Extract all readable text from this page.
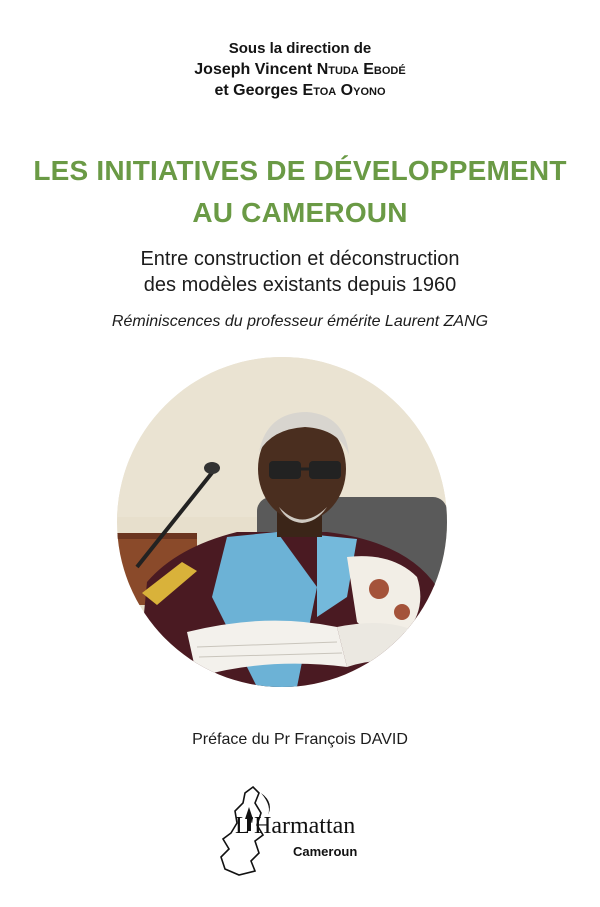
Sous la direction de
Joseph Vincent Ntuda Ebodé
et Georges Etoa Oyono
LES INITIATIVES DE DÉVELOPPEMENT
AU CAMEROUN
Entre construction et déconstruction
des modèles existants depuis 1960
Réminiscences du professeur émérite Laurent ZANG
Préface du Pr François DAVID
L'Harmattan
Cameroun
